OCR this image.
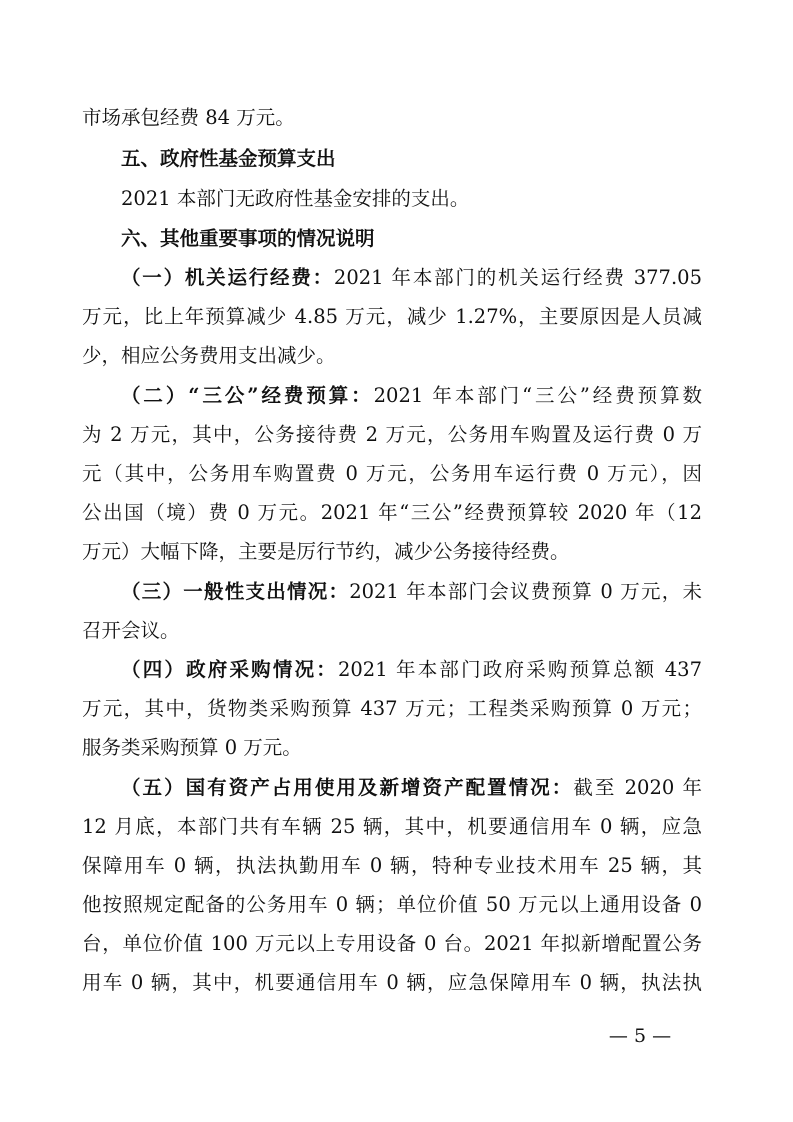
市场承包经费 84 万元。
五、政府性基金预算支出
2021 本部门无政府性基金安排的支出。
六、其他重要事项的情况说明
（一）机关运行经费：2021 年本部门的机关运行经费 377.05
万元，比上年预算减少 4.85 万元，减少 1.27%，主要原因是人员减
少，相应公务费用支出减少。
（二）“三公”经费预算：2021 年本部门“三公”经费预算数
为 2 万元，其中，公务接待费 2 万元，公务用车购置及运行费 0 万
元（其中，公务用车购置费 0 万元，公务用车运行费 0 万元），因
公出国（境）费 0 万元。2021 年“三公”经费预算较 2020 年（12
万元）大幅下降，主要是厉行节约，减少公务接待经费。
（三）一般性支出情况：2021 年本部门会议费预算 0 万元，未
召开会议。
（四）政府采购情况：2021 年本部门政府采购预算总额 437
万元，其中，货物类采购预算 437 万元；工程类采购预算 0 万元；
服务类采购预算 0 万元。
（五）国有资产占用使用及新增资产配置情况：截至 2020 年
12 月底，本部门共有车辆 25 辆，其中，机要通信用车 0 辆，应急
保障用车 0 辆，执法执勤用车 0 辆，特种专业技术用车 25 辆，其
他按照规定配备的公务用车 0 辆；单位价值 50 万元以上通用设备 0
台，单位价值 100 万元以上专用设备 0 台。2021 年拟新增配置公务
用车 0 辆，其中，机要通信用车 0 辆，应急保障用车 0 辆，执法执
— 5 —
